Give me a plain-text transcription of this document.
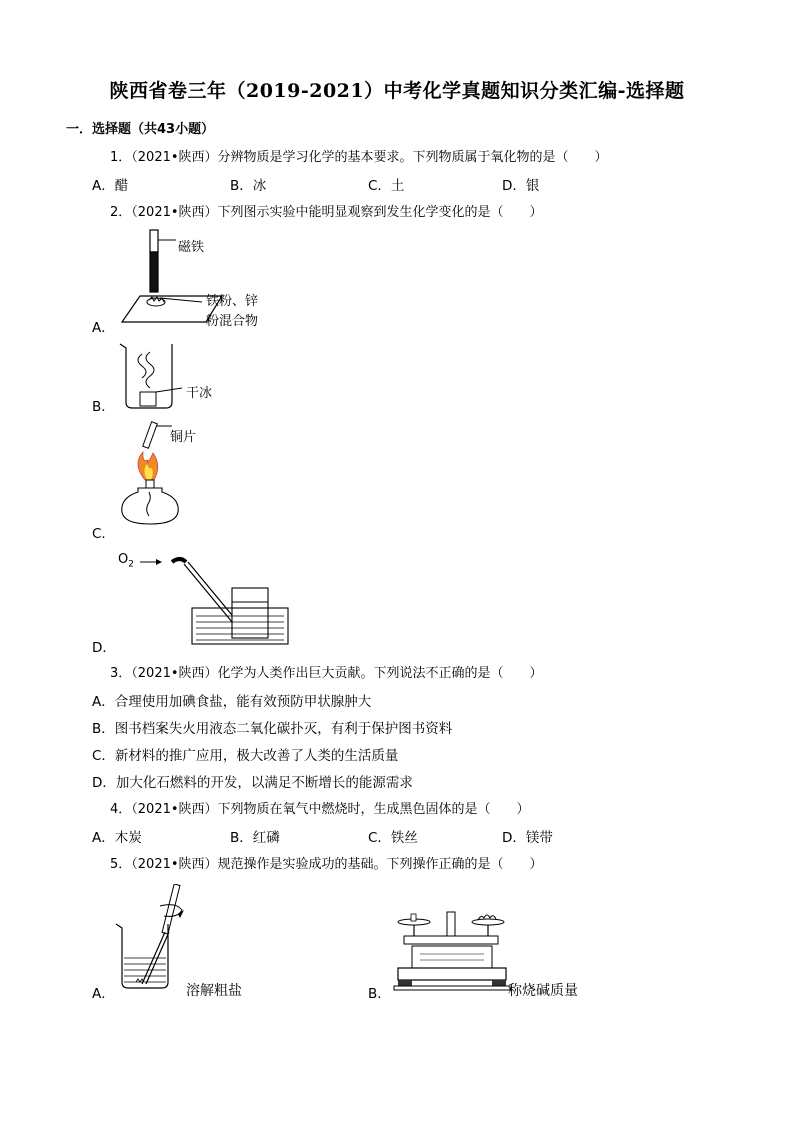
陕西省卷三年（2019-2021）中考化学真题知识分类汇编-选择题
一．选择题（共43小题）
1．（2021•陕西）分辨物质是学习化学的基本要求。下列物质属于氧化物的是（　　）
A．醋	B．冰	C．土	D．银
2．（2021•陕西）下列图示实验中能明显观察到发生化学变化的是（　　）
磁铁
铁粉、锌
粉混合物
A．
干冰
B．
铜片
C．
$O_2$
D．
3．（2021•陕西）化学为人类作出巨大贡献。下列说法不正确的是（　　）
A．合理使用加碘食盐，能有效预防甲状腺肿大
B．图书档案失火用液态二氧化碳扑灭，有利于保护图书资料
C．新材料的推广应用，极大改善了人类的生活质量
D．加大化石燃料的开发，以满足不断增长的能源需求
4．（2021•陕西）下列物质在氧气中燃烧时，生成黑色固体的是（　　）
A．木炭	B．红磷	C．铁丝	D．镁带
5．（2021•陕西）规范操作是实验成功的基础。下列操作正确的是（　　）
溶解粗盐
A．	称烧碱质量
B．
